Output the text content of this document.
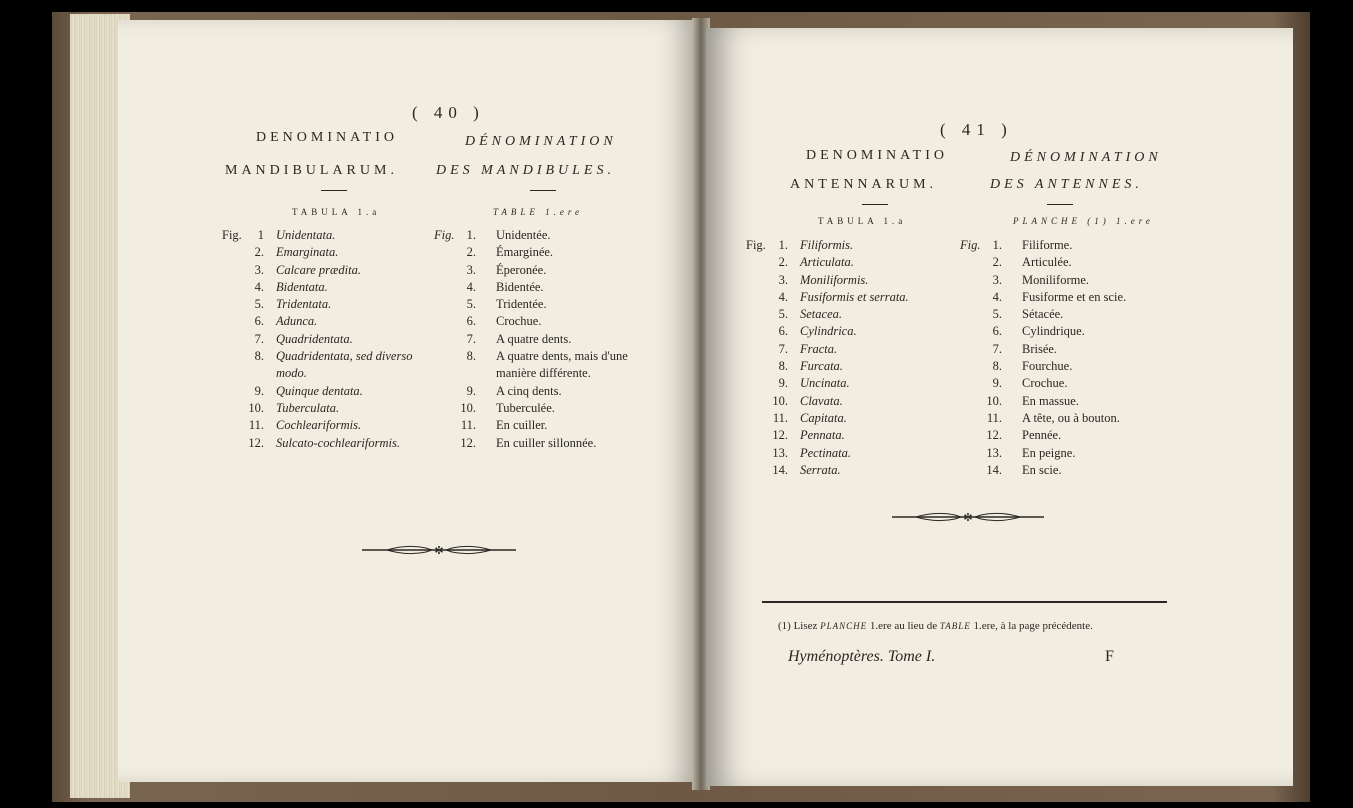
( 40 )
DENOMINATIO
MANDIBULARUM.
DÉNOMINATION
DES MANDIBULES.
TABULA 1.a	TABLE 1.ere
Fig.	1 Unidentata.
2. Emarginata.
3. Calcare prædita.
4. Bidentata.
5. Tridentata.
6. Adunca.
7. Quadridentata.
8. Quadridentata, sed diverso
modo.
9. Quinque dentata.
10. Tuberculata.
11. Cochleariformis.
12. Sulcato-cochleariformis.
Fig. 1. Unidentée.
2. Émarginée.
3. Éperonée.
4. Bidentée.
5. Tridentée.
6. Crochue.
7. A quatre dents.
8. A quatre dents, mais d'une
manière différente.
9. A cinq dents.
10. Tuberculée.
11. En cuiller.
12. En cuiller sillonnée.
✻
( 41 )
DENOMINATIO
ANTENNARUM.
DÉNOMINATION
DES ANTENNES.
TABULA 1.a	PLANCHE (1) 1.ere
Fig.	1. Filiformis.
2. Articulata.
3. Moniliformis.
4. Fusiformis et serrata.
5. Setacea.
6. Cylindrica.
7. Fracta.
8. Furcata.
9. Uncinata.
10. Clavata.
11. Capitata.
12. Pennata.
13. Pectinata.
14. Serrata.
Fig. 1. Filiforme.
2. Articulée.
3. Moniliforme.
4. Fusiforme et en scie.
5. Sétacée.
6. Cylindrique.
7. Brisée.
8. Fourchue.
9. Crochue.
10. En massue.
11. A tête, ou à bouton.
12. Pennée.
13. En peigne.
14. En scie.
✻
(1) Lisez PLANCHE 1.ere au lieu de TABLE 1.ere, à la page précédente.
Hyménoptères. Tome I.	F
